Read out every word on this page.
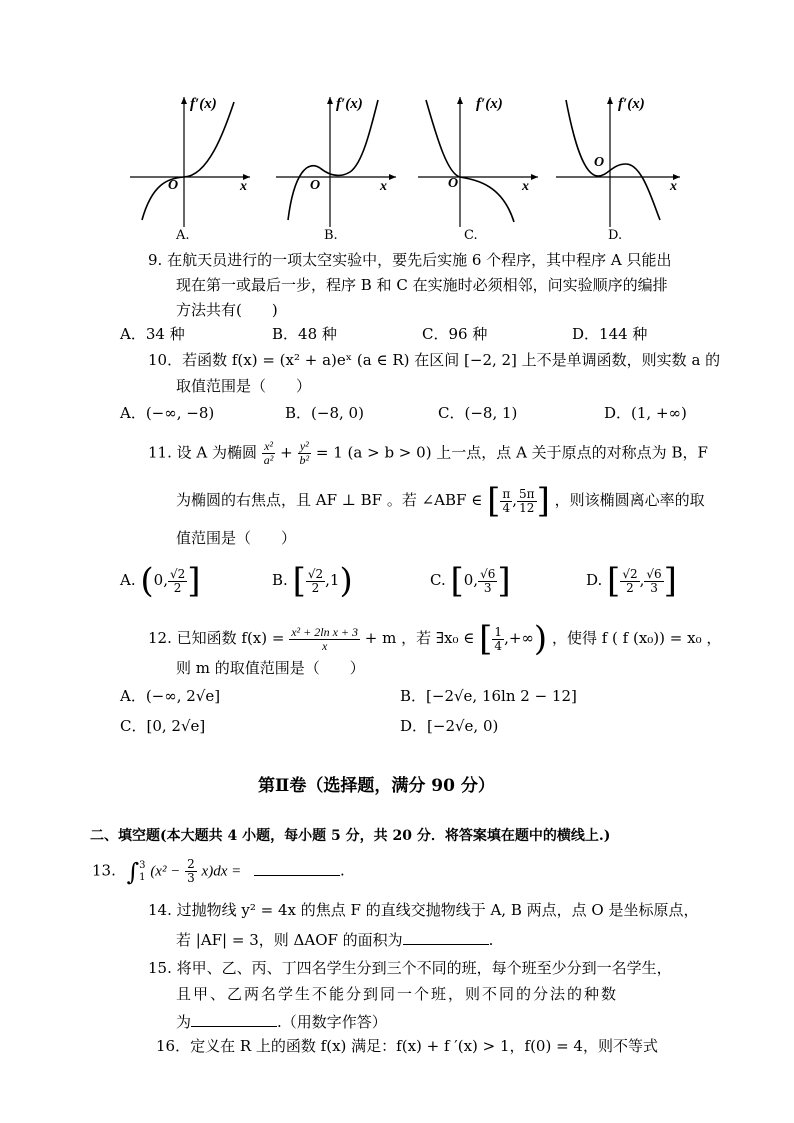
f′(x)
O	x
f′(x)
O	x
f′(x)
O	x
f′(x)
O
x
A.	B.	C.	D.
9. 在航天员进行的一项太空实验中，要先后实施 6 个程序，其中程序 A 只能出
现在第一或最后一步，程序 B 和 C 在实施时必须相邻，问实验顺序的编排
方法共有(　　)
A．34 种	B．48 种	C．96 种	D．144 种
10．若函数 f(x) = (x² + a)eˣ (a ∈ R) 在区间 [−2, 2] 上不是单调函数，则实数 a 的
取值范围是（　　）
A．(−∞, −8)	B．(−8, 0)	C．(−8, 1)	D．(1, +∞)
11. 设 A 为椭圆 $\frac{\text{x²}}{\text{a²}} + \frac{\text{y²}}{\text{b²}} = 1$ (a > b > 0) 上一点，点 A 关于原点的对称点为 B，F
为椭圆的右焦点，且 AF ⊥ BF 。若 ∠ABF ∈ [ $\frac{\pi}{4}$ , $\frac{5\pi}{12}$ ] ，则该椭圆离心率的取
值范围是（　　）
A. (0, $\frac{√2}{2}$ ]	B. [ $\frac{√2}{2} ,1$)	C. [0, $\frac{√6}{3}$ ]	D. [ $\frac{√2}{2}$ , $\frac{√6}{3}$ ]
12. 已知函数 $f(x) = \frac{\text{x² + 2ln x + 3}}{x} + m$ ，若 ∃x₀ ∈ [ $\frac{1}{4}$ ,+∞) ，使得 f ( f (x₀)) = x₀ ，
则 m 的取值范围是（　　）
A．(−∞, 2√e]	B．[−2√e, 16ln 2 − 12]
C．[0, 2√e]	D．[−2√e, 0)
第Ⅱ卷（选择题，满分 90 分）
二、填空题(本大题共 4 小题，每小题 5 分，共 20 分．将答案填在题中的横线上.)
13. ∫3
1 $(x^2 - \frac{2}{3} x)dx$ =	.
14. 过抛物线 y² = 4x 的焦点 F 的直线交抛物线于 A, B 两点，点 O 是坐标原点，
若 |AF| = 3，则 ΔAOF 的面积为	.
15. 将甲、乙、丙、丁四名学生分到三个不同的班，每个班至少分到一名学生，
且甲、乙两名学生不能分到同一个班，则不同的分法的种数
为	.（用数字作答）
16．定义在 R 上的函数 f(x) 满足：f(x) + f ′(x) > 1，f(0) = 4，则不等式
